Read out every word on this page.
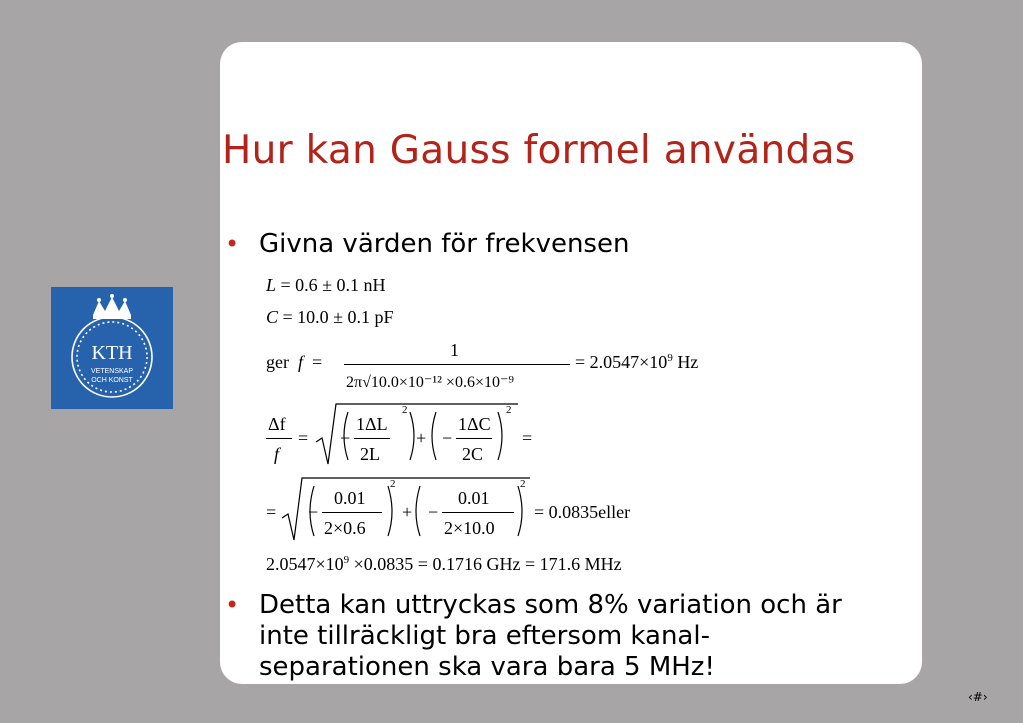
KTH
VETENSKAP
OCH KONST
Hur kan Gauss formel användas
• Givna värden för frekvensen
L = 0.6 ± 0.1 nH
C = 10.0 ± 0.1 pF
ger f =
1
2π√10.0×10⁻¹² ×0.6×10⁻⁹
= $2.0547\times 10^9$ Hz
Δf
f
= −
1ΔL
2L
2
+ −
1ΔC
2C
2
=
= −
0.01
2×0.6
2
+ −
0.01
2×10.0
2
= 0.0835eller
$2.0547\times 10^9 \times 0.0835 = 0.1716$ GHz = 171.6 MHz
• Detta kan uttryckas som 8% variation och är
inte tillräckligt bra eftersom kanal-
separationen ska vara bara 5 MHz!
‹#›
